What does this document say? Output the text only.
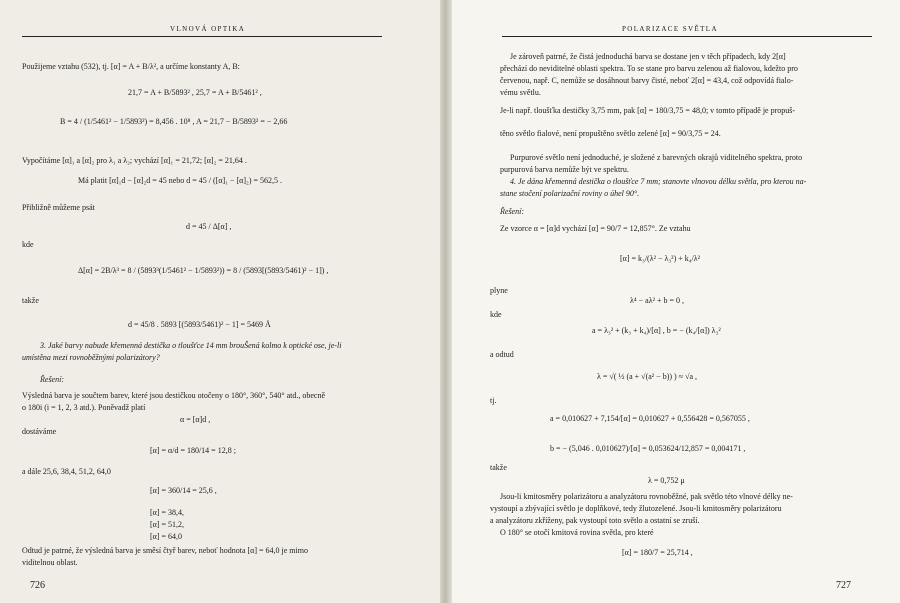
VLNOVÁ OPTIKA
Použijeme vztahu (532), tj. [α] = A + B/λ², a určíme konstanty A, B:
21,7 = A + B/5893² , 25,7 = A + B/5461² ,
B = 4 / (1/5461² − 1/5893²) = 8,456 . 10⁸ , A = 21,7 − B/5893² = − 2,66
Vypočítáme [α]₁ a [α]₂ pro λ₁ a λ₂; vychází [α]₁ = 21,72; [α]₂ = 21,64 .
Má platit [α]₁d − [α]₂d = 45 nebo d = 45 / ([α]₁ − [α]₂) = 562,5 .
Přibližně můžeme psát
d = 45 / Δ[α] ,
kde
Δ[α] = 2B/λ³ = 8 / (5893³(1/5461² − 1/5893²)) = 8 / (5893[(5893/5461)² − 1]) ,
takže
d = 45/8 . 5893 [(5893/5461)² − 1] = 5469 Å
3. Jaké barvy nabude křemenná destička o tloušťce 14 mm brouŠená kolmo k optické ose, je-li
umístěna mezi rovnoběžnými polarizátory?
Řešení:
Výsledná barva je součtem barev, které jsou destičkou otočeny o 180°, 360°, 540° atd., obecně
o 180i (i = 1, 2, 3 atd.). Poněvadž platí
α = [α]d ,
dostáváme
[α] = α/d = 180/14 = 12,8 ;
a dále 25,6, 38,4, 51,2, 64,0
[α] = 360/14 = 25,6 ,
[α] = 38,4,
[α] = 51,2,
[α] = 64,0
Odtud je patrné, že výsledná barva je směsí čtyř barev, neboť hodnota [α] = 64,0 je mimo
viditelnou oblast.
726
POLARIZACE SVĚTLA
Je zároveň patrné, že čistá jednoduchá barva se dostane jen v těch případech, kdy 2[α]
přechází do neviditelné oblasti spektra. To se stane pro barvu zelenou až fialovou, kdežto pro
červenou, např. C, nemůže se dosáhnout barvy čisté, neboť 2[α] = 43,4, což odpovídá fialo-
vému světlu.
Je-li např. tloušťka destičky 3,75 mm, pak [α] = 180/3,75 = 48,0; v tomto případě je propuš-
těno světlo fialové, není propuštěno světlo zelené [α] = 90/3,75 = 24.
Purpurové světlo není jednoduché, je složené z barevných okrajů viditelného spektra, proto
purpurová barva nemůže být ve spektru.
4. Je dána křemenná destička o tloušťce 7 mm; stanovte vlnovou délku světla, pro kterou na-
stane stočení polarizační roviny o úhel 90°.
Řešení:
Ze vzorce α = [α]d vychází [α] = 90/7 = 12,857°. Ze vztahu
[α] = k₃/(λ² − λ₃²) + k₄/λ²
plyne
λ⁴ − aλ² + b = 0 ,
kde
a = λ₃² + (k₃ + k₄)/[α] , b = − (k₄/[α]) λ₃²
a odtud
λ = √( ½ (a + √(a² − b)) ) ≈ √a ,
tj.
a = 0,010627 + 7,154/[α] = 0,010627 + 0,556428 = 0,567055 ,
b = − (5,046 . 0,010627)/[α] = 0,053624/12,857 = 0,004171 ,
takže
λ = 0,752 μ
Jsou-li kmitosměry polarizátoru a analyzátoru rovnoběžné, pak světlo této vlnové délky ne-
vystoupí a zbývající světlo je doplňkové, tedy žlutozelené. Jsou-li kmitosměry polarizátoru
a analyzátoru zkříženy, pak vystoupí toto světlo a ostatní se zruší.
O 180° se otočí kmitová rovina světla, pro které
[α] = 180/7 = 25,714 ,
727
